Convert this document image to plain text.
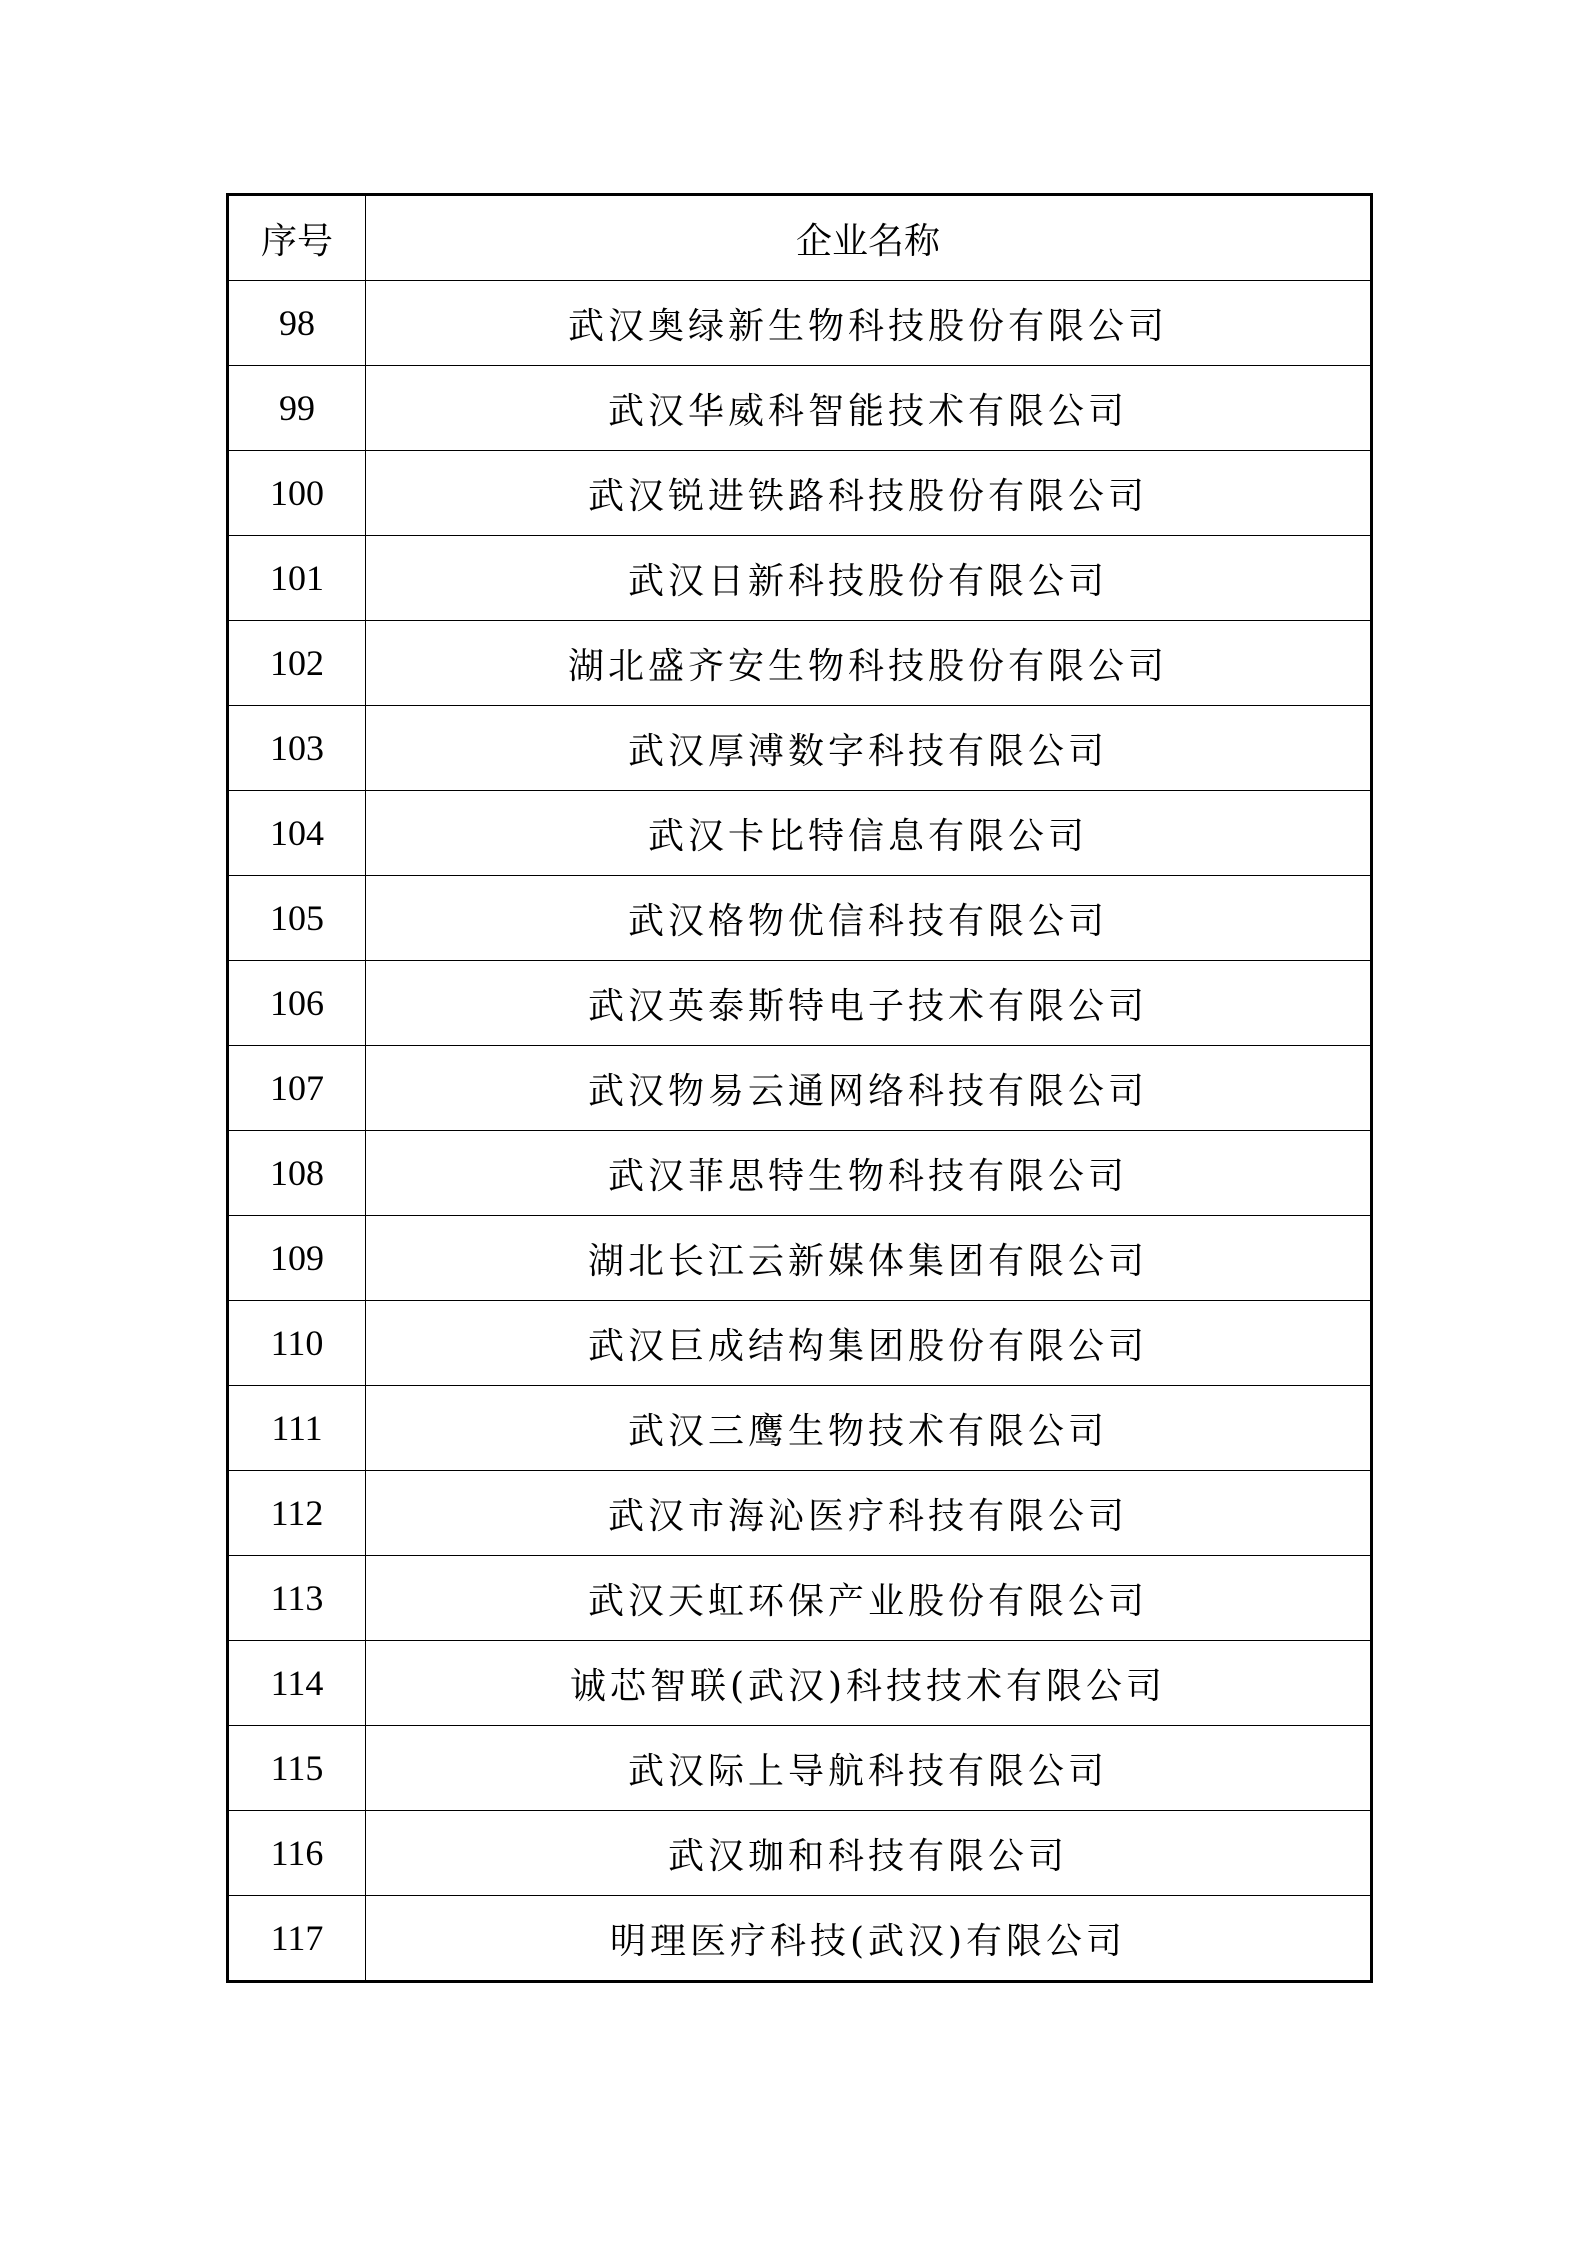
序号	企业名称
98	武汉奥绿新生物科技股份有限公司
99	武汉华威科智能技术有限公司
100	武汉锐进铁路科技股份有限公司
101	武汉日新科技股份有限公司
102	湖北盛齐安生物科技股份有限公司
103	武汉厚溥数字科技有限公司
104	武汉卡比特信息有限公司
105	武汉格物优信科技有限公司
106	武汉英泰斯特电子技术有限公司
107	武汉物易云通网络科技有限公司
108	武汉菲思特生物科技有限公司
109	湖北长江云新媒体集团有限公司
110	武汉巨成结构集团股份有限公司
111	武汉三鹰生物技术有限公司
112	武汉市海沁医疗科技有限公司
113	武汉天虹环保产业股份有限公司
114	诚芯智联(武汉)科技技术有限公司
115	武汉际上导航科技有限公司
116	武汉珈和科技有限公司
117	明理医疗科技(武汉)有限公司
